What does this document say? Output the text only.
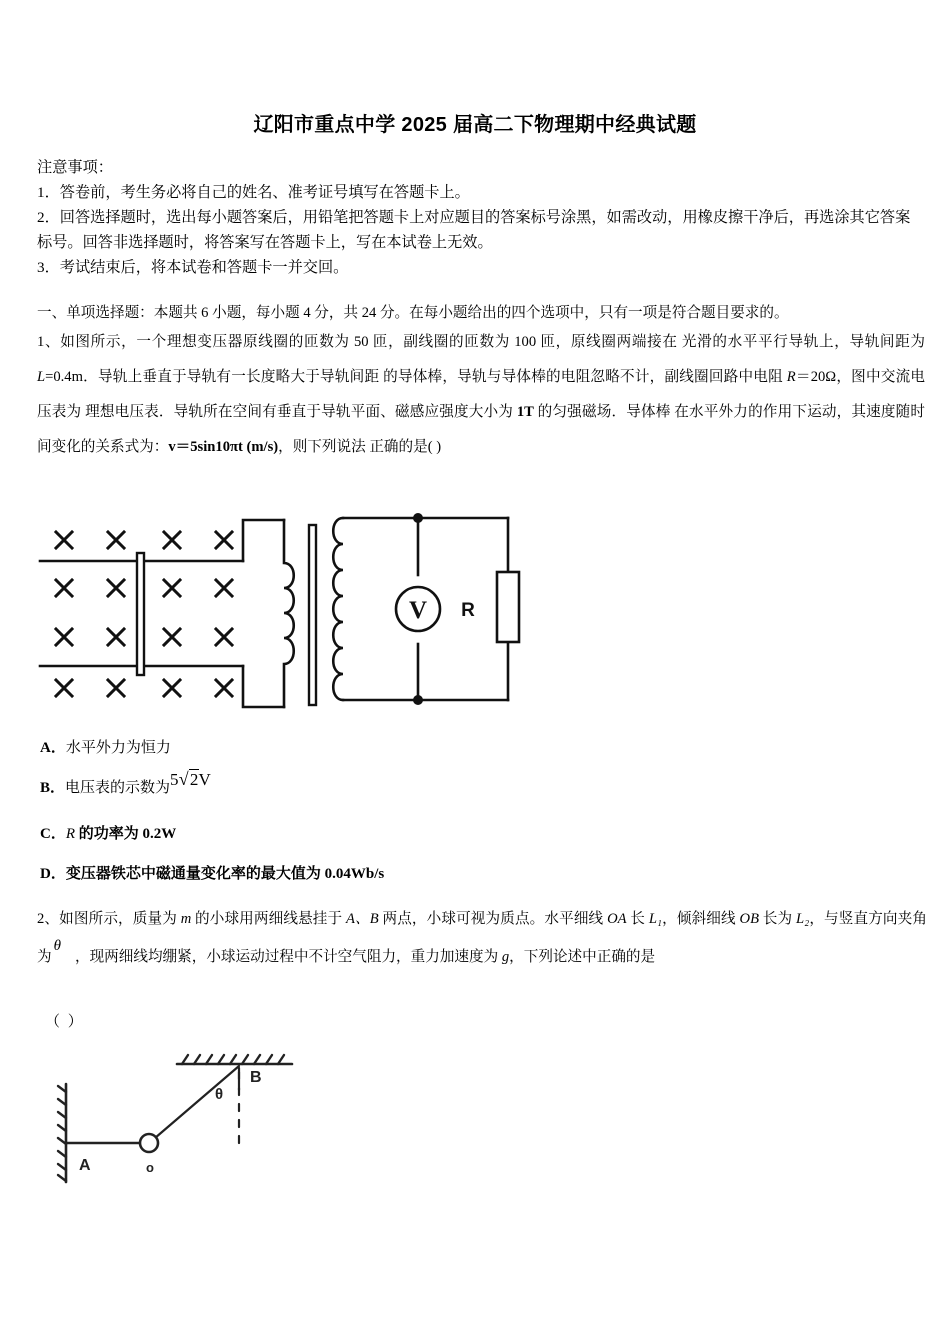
辽阳市重点中学 2025 届高二下物理期中经典试题
注意事项：
1．答卷前，考生务必将自己的姓名、准考证号填写在答题卡上。
2．回答选择题时，选出每小题答案后，用铅笔把答题卡上对应题目的答案标号涂黑，如需改动，用橡皮擦干净后，再选涂其它答案标号。回答非选择题时，将答案写在答题卡上，写在本试卷上无效。
3．考试结束后，将本试卷和答题卡一并交回。
一、单项选择题：本题共 6 小题，每小题 4 分，共 24 分。在每小题给出的四个选项中，只有一项是符合题目要求的。
1、如图所示，一个理想变压器原线圈的匝数为 50 匝，副线圈的匝数为 100 匝，原线圈两端接在 光滑的水平平行导轨上，导轨间距为 L=0.4m．导轨上垂直于导轨有一长度略大于导轨间距 的导体棒，导轨与导体棒的电阻忽略不计，副线圈回路中电阻 R＝20Ω，图中交流电压表为 理想电压表．导轨所在空间有垂直于导轨平面、磁感应强度大小为 1T 的匀强磁场．导体棒 在水平外力的作用下运动，其速度随时间变化的关系式为：v＝5sin10πt (m/s)，则下列说法 正确的是( )
V R
A．水平外力为恒力
B．电压表的示数为5√2V
C．R 的功率为 0.2W
D．变压器铁芯中磁通量变化率的最大值为 0.04Wb/s
2、如图所示，质量为 m 的小球用两细线悬挂于 A、B 两点，小球可视为质点。水平细线 OA 长 L₁，倾斜细线 OB 长为 L₂，与竖直方向夹角为θ，现两细线均绷紧，小球运动过程中不计空气阻力，重力加速度为 g，下列论述中正确的是
（ ）
A	o
B
θ
